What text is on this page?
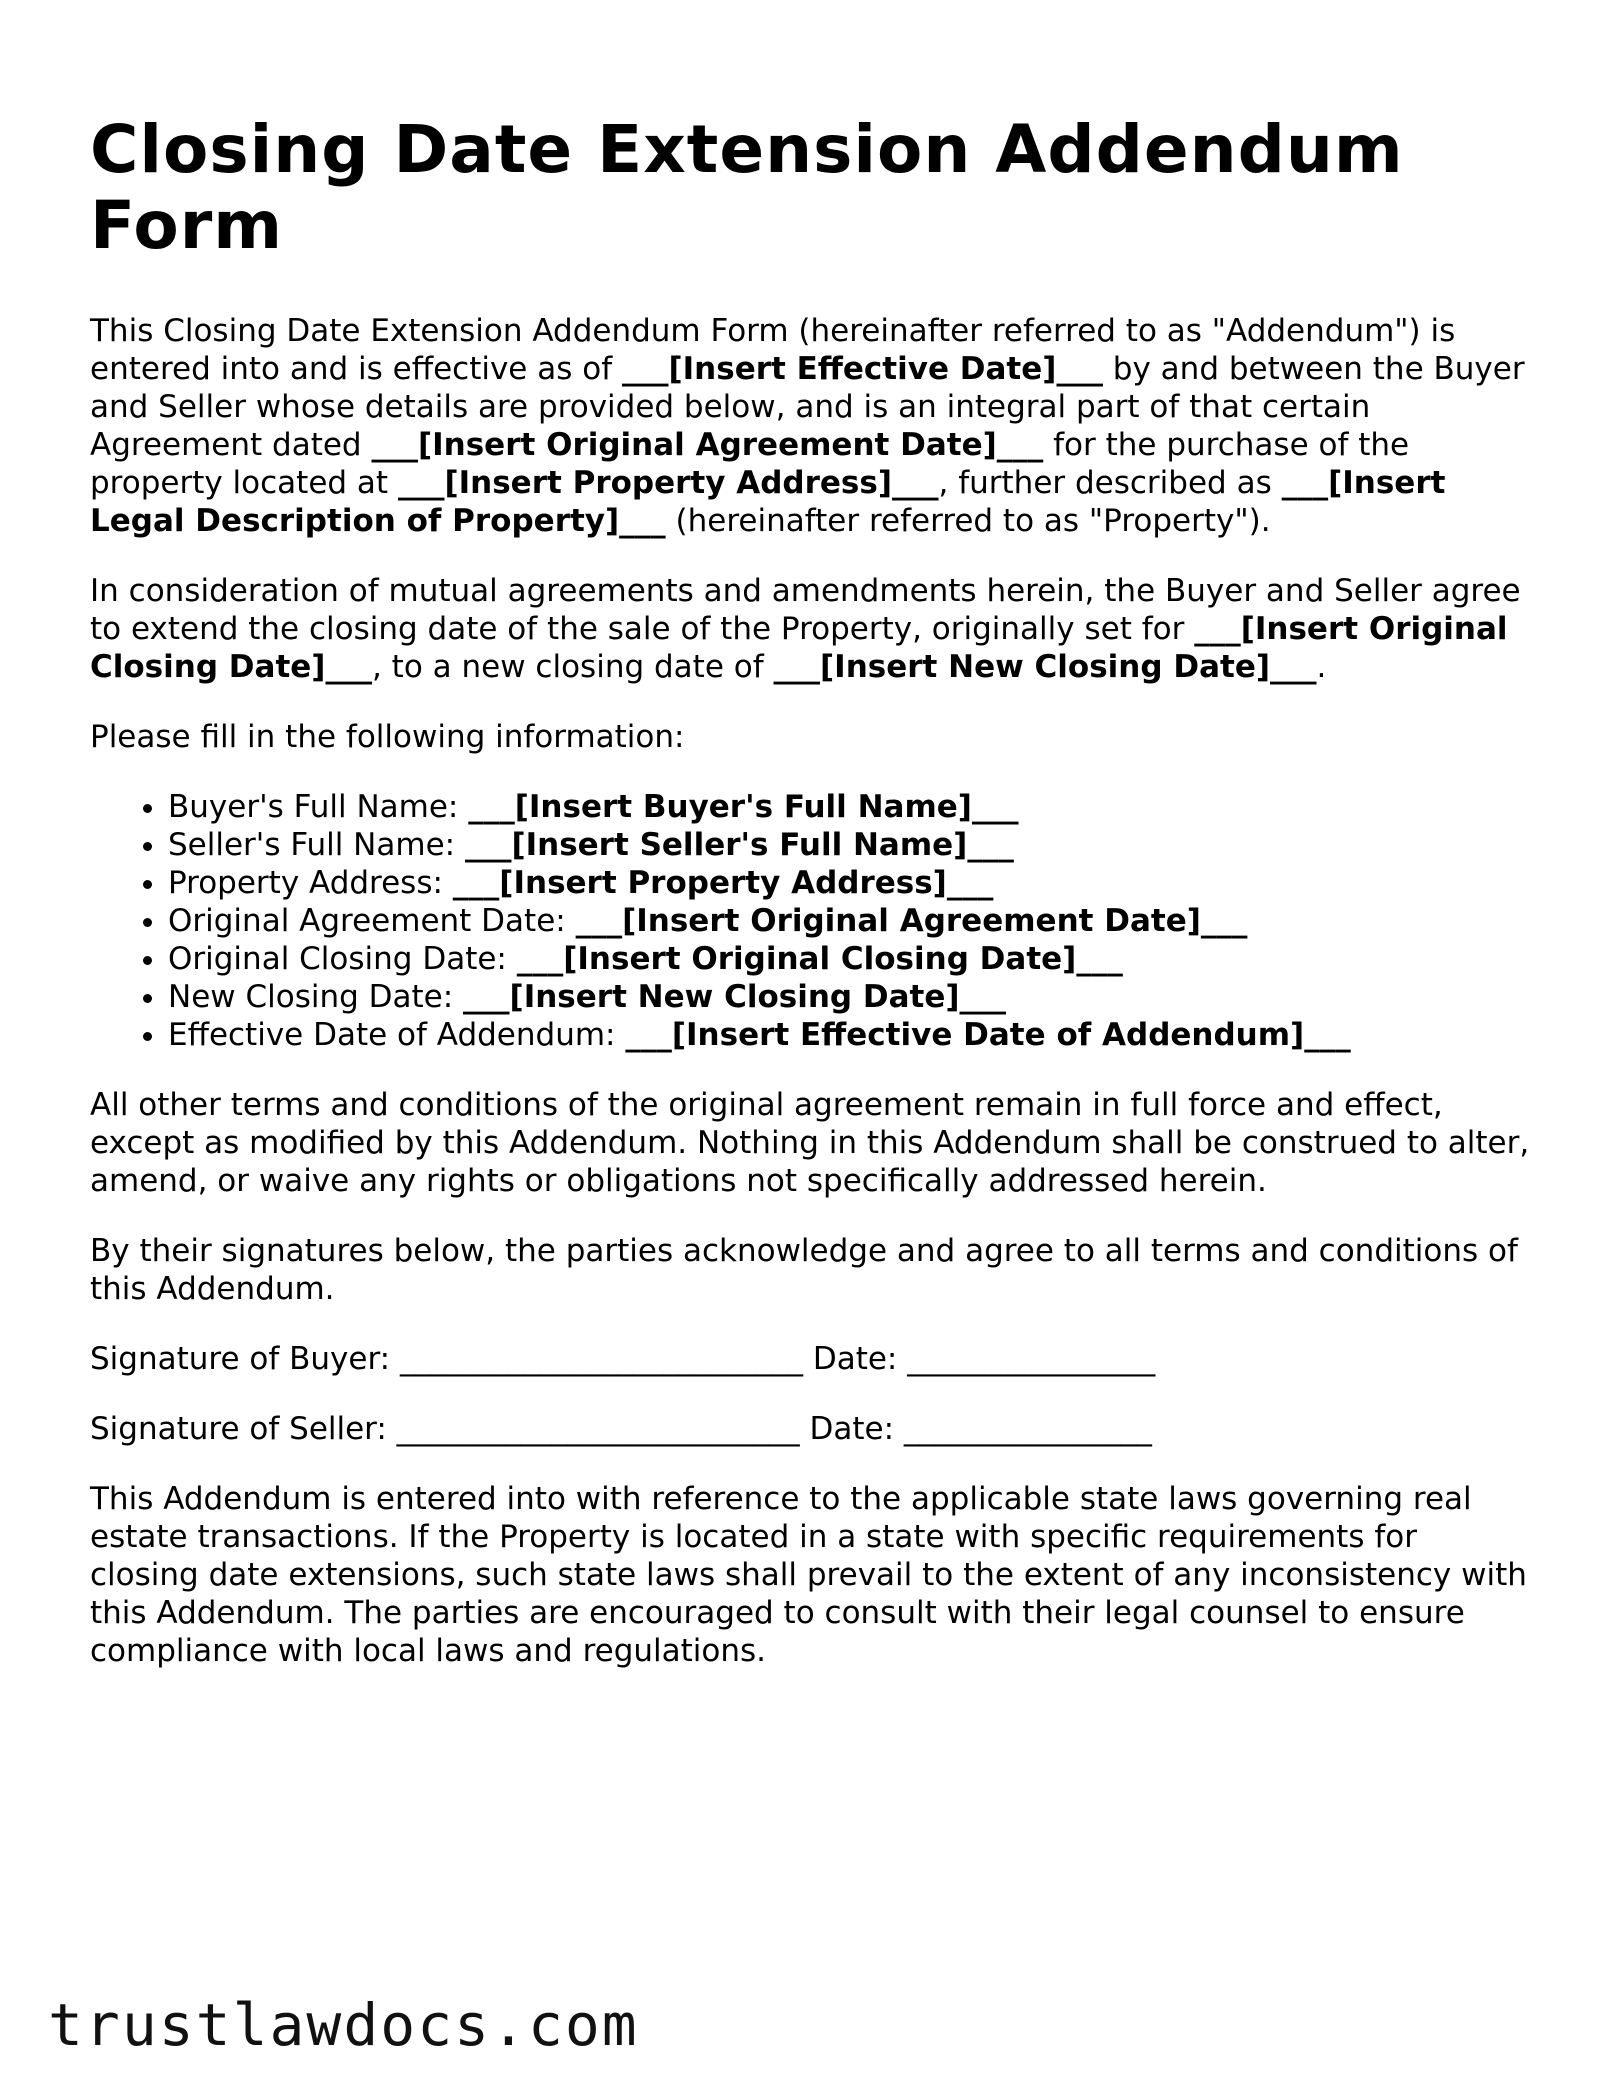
Closing Date Extension Addendum Form

This Closing Date Extension Addendum Form (hereinafter referred to as "Addendum") is entered into and is effective as of ___[Insert Effective Date]___ by and between the Buyer and Seller whose details are provided below, and is an integral part of that certain Agreement dated ___[Insert Original Agreement Date]___ for the purchase of the property located at ___[Insert Property Address]___, further described as ___[Insert Legal Description of Property]___ (hereinafter referred to as "Property").

In consideration of mutual agreements and amendments herein, the Buyer and Seller agree to extend the closing date of the sale of the Property, originally set for ___[Insert Original Closing Date]___, to a new closing date of ___[Insert New Closing Date]___.

Please fill in the following information:

• Buyer's Full Name: ___[Insert Buyer's Full Name]___
• Seller's Full Name: ___[Insert Seller's Full Name]___
• Property Address: ___[Insert Property Address]___
• Original Agreement Date: ___[Insert Original Agreement Date]___
• Original Closing Date: ___[Insert Original Closing Date]___
• New Closing Date: ___[Insert New Closing Date]___
• Effective Date of Addendum: ___[Insert Effective Date of Addendum]___

All other terms and conditions of the original agreement remain in full force and effect, except as modified by this Addendum. Nothing in this Addendum shall be construed to alter, amend, or waive any rights or obligations not specifically addressed herein.

By their signatures below, the parties acknowledge and agree to all terms and conditions of this Addendum.

Signature of Buyer: __________________________ Date: ________________

Signature of Seller: __________________________ Date: ________________

This Addendum is entered into with reference to the applicable state laws governing real estate transactions. If the Property is located in a state with specific requirements for closing date extensions, such state laws shall prevail to the extent of any inconsistency with this Addendum. The parties are encouraged to consult with their legal counsel to ensure compliance with local laws and regulations.

trustlawdocs.com
